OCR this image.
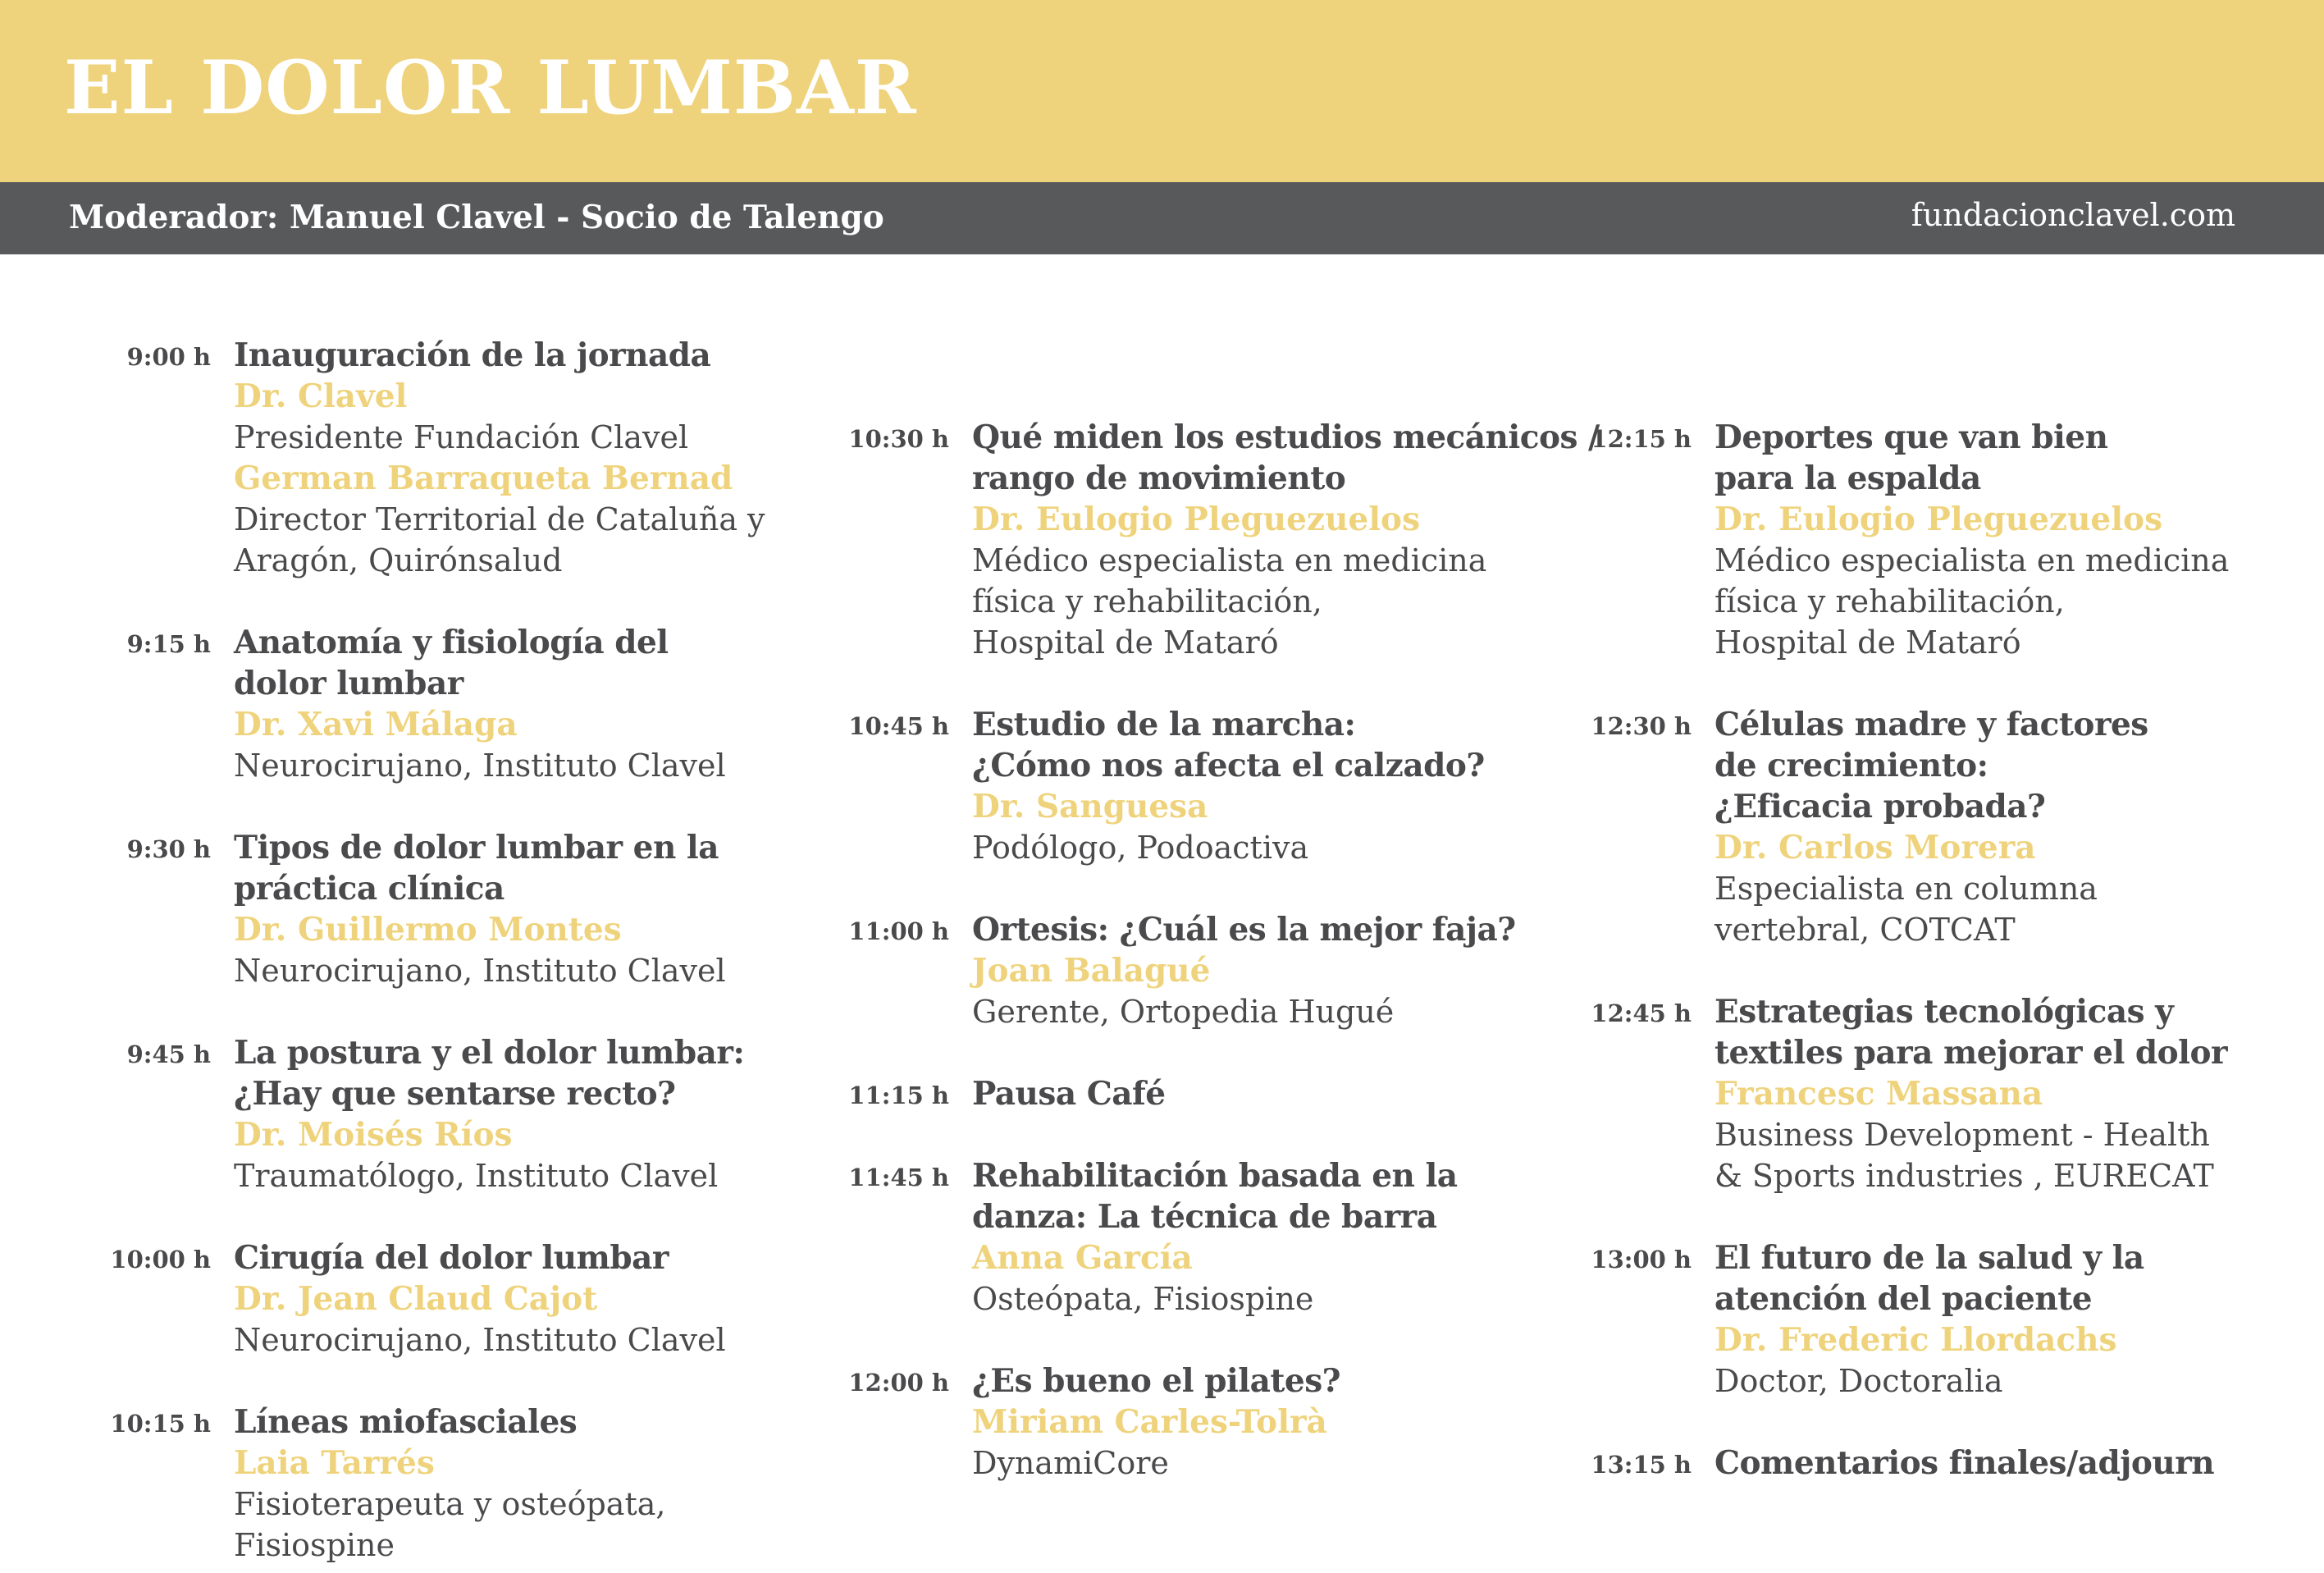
EL DOLOR LUMBAR
Moderador: Manuel Clavel - Socio de Talengo	fundacionclavel.com
9:00 h Inauguración de la jornada
Dr. Clavel
Presidente Fundación Clavel
German Barraqueta Bernad
Director Territorial de Cataluña y
Aragón, Quirónsalud
9:15 h Anatomía y fisiología del
dolor lumbar
Dr. Xavi Málaga
Neurocirujano, Instituto Clavel
9:30 h Tipos de dolor lumbar en la
práctica clínica
Dr. Guillermo Montes
Neurocirujano, Instituto Clavel
9:45 h La postura y el dolor lumbar:
¿Hay que sentarse recto?
Dr. Moisés Ríos
Traumatólogo, Instituto Clavel
10:00 h Cirugía del dolor lumbar
Dr. Jean Claud Cajot
Neurocirujano, Instituto Clavel
10:15 h Líneas miofasciales
Laia Tarrés
Fisioterapeuta y osteópata,
Fisiospine
10:30 h Qué miden los estudios mecánicos /
rango de movimiento
Dr. Eulogio Pleguezuelos
Médico especialista en medicina
física y rehabilitación,
Hospital de Mataró
10:45 h Estudio de la marcha:
¿Cómo nos afecta el calzado?
Dr. Sanguesa
Podólogo, Podoactiva
11:00 h Ortesis: ¿Cuál es la mejor faja?
Joan Balagué
Gerente, Ortopedia Hugué
11:15 h Pausa Café
11:45 h Rehabilitación basada en la
danza: La técnica de barra
Anna García
Osteópata, Fisiospine
12:00 h ¿Es bueno el pilates?
Miriam Carles-Tolrà
DynamiCore
12:15 h Deportes que van bien
para la espalda
Dr. Eulogio Pleguezuelos
Médico especialista en medicina
física y rehabilitación,
Hospital de Mataró
12:30 h Células madre y factores
de crecimiento:
¿Eficacia probada?
Dr. Carlos Morera
Especialista en columna
vertebral, COTCAT
12:45 h Estrategias tecnológicas y
textiles para mejorar el dolor
Francesc Massana
Business Development - Health
& Sports industries , EURECAT
13:00 h El futuro de la salud y la
atención del paciente
Dr. Frederic Llordachs
Doctor, Doctoralia
13:15 h Comentarios finales/adjourn
